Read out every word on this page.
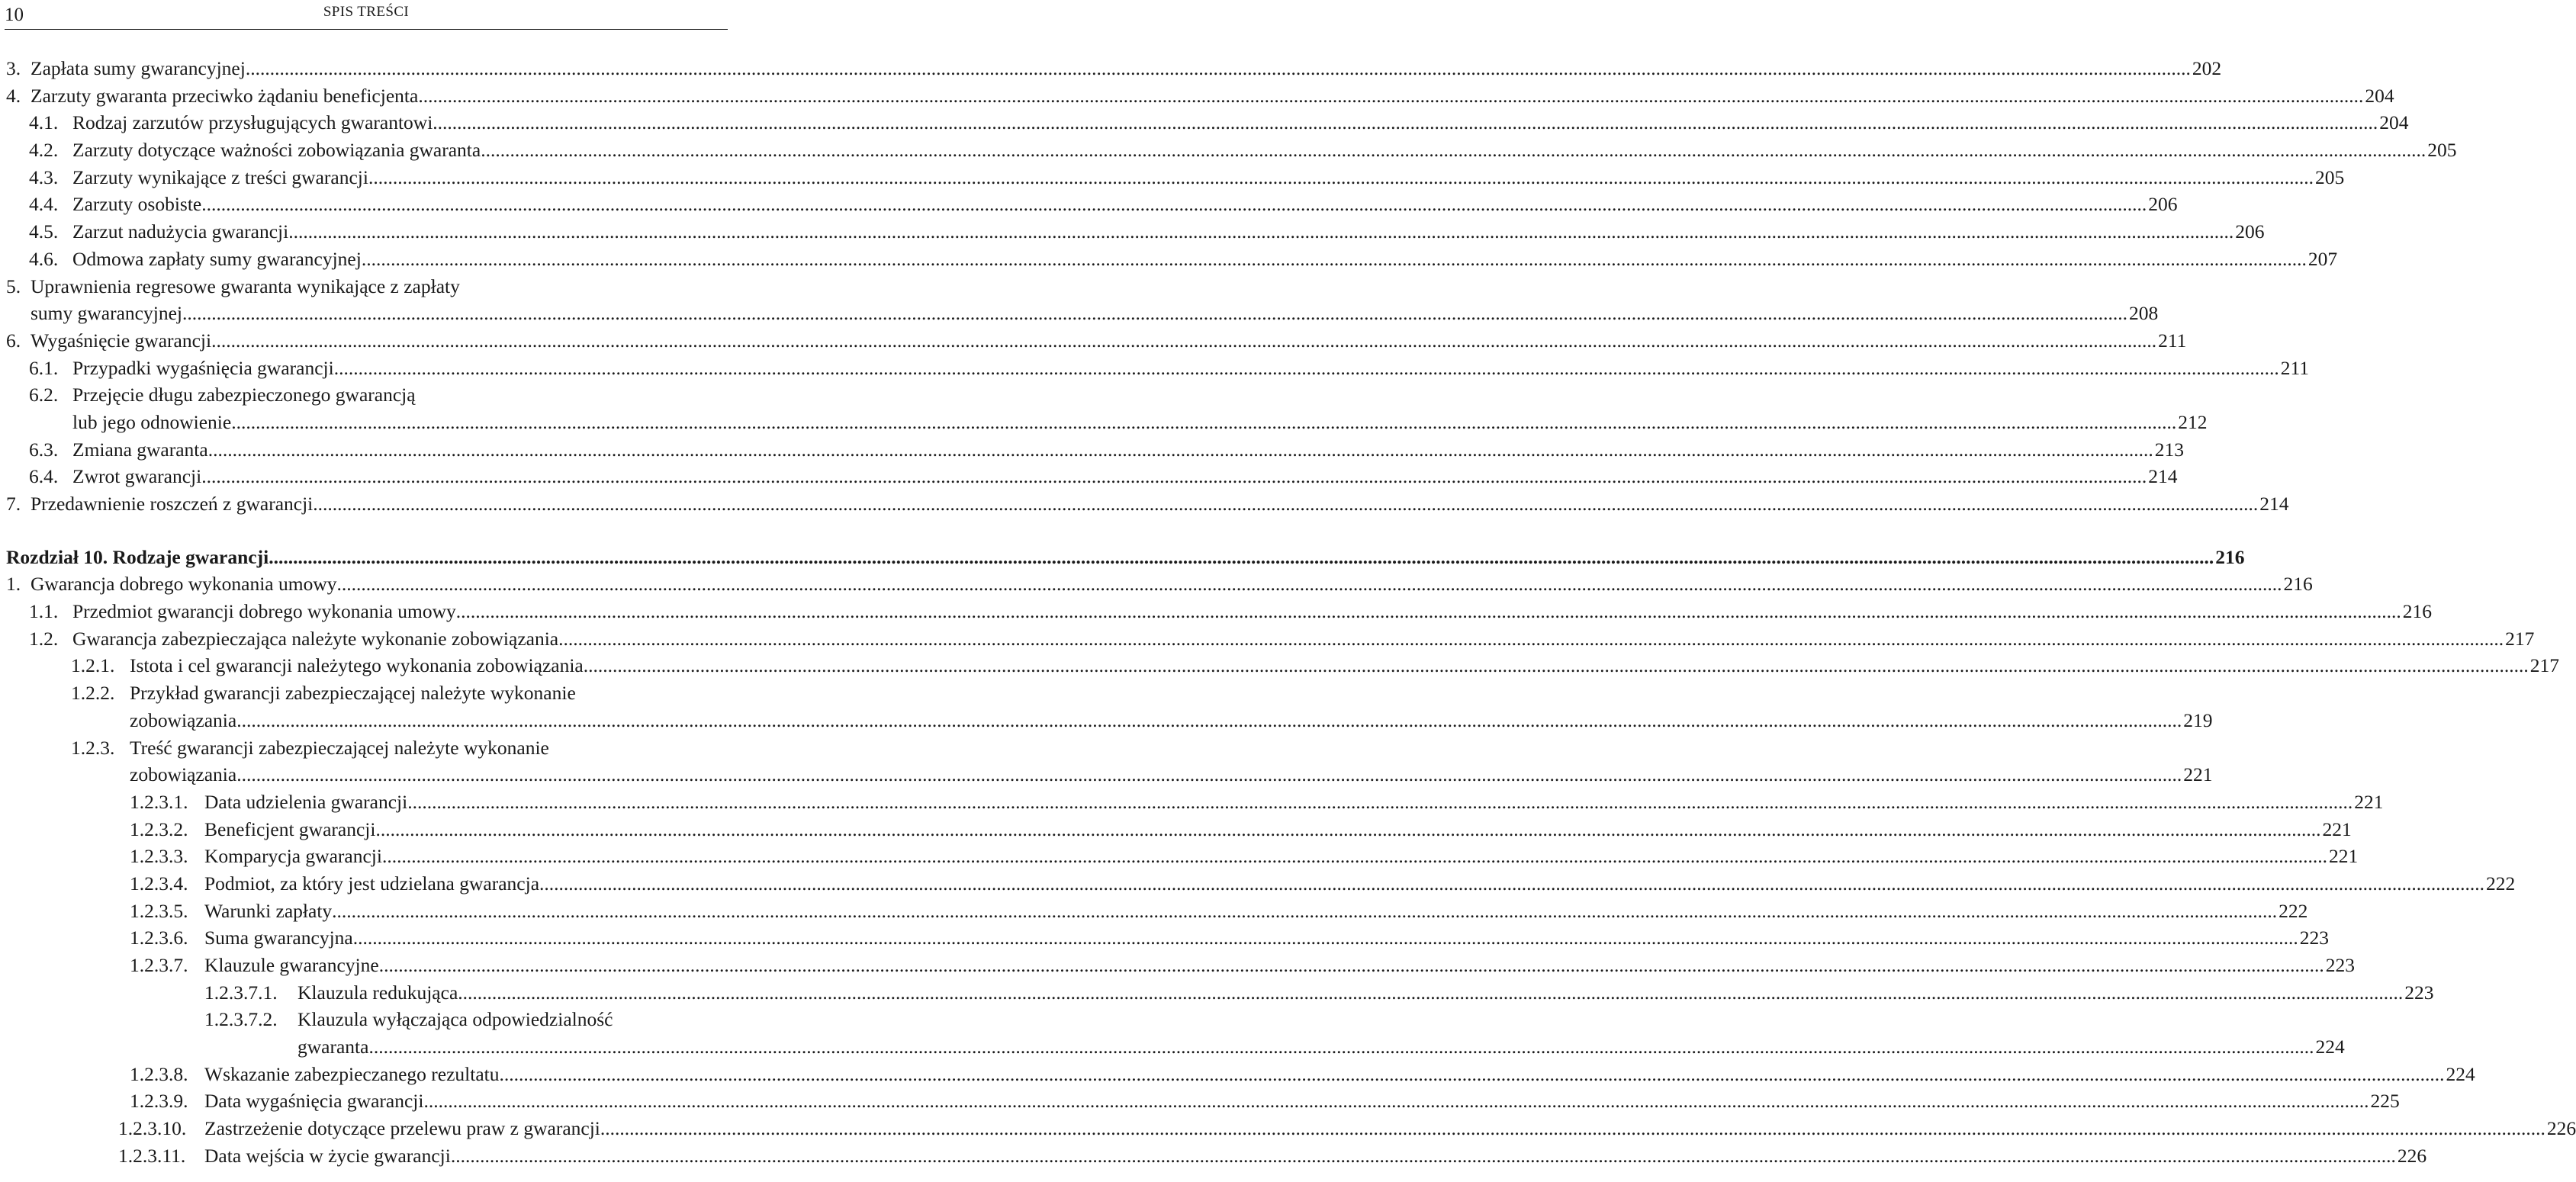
10	SPIS TREŚCI
3. Zapłata sumy gwarancyjnej ................................................................................................................................................................................................................................................................................................................................................................................................................ 202
4. Zarzuty gwaranta przeciwko żądaniu beneficjenta ................................................................................................................................................................................................................................................................................................................................................................................................................ 204
4.1. Rodzaj zarzutów przysługujących gwarantowi ................................................................................................................................................................................................................................................................................................................................................................................................................ 204
4.2. Zarzuty dotyczące ważności zobowiązania gwaranta ................................................................................................................................................................................................................................................................................................................................................................................................................ 205
4.3. Zarzuty wynikające z treści gwarancji ................................................................................................................................................................................................................................................................................................................................................................................................................ 205
4.4. Zarzuty osobiste ................................................................................................................................................................................................................................................................................................................................................................................................................ 206
4.5. Zarzut nadużycia gwarancji ................................................................................................................................................................................................................................................................................................................................................................................................................ 206
4.6. Odmowa zapłaty sumy gwarancyjnej ................................................................................................................................................................................................................................................................................................................................................................................................................ 207
5. Uprawnienia regresowe gwaranta wynikające z zapłaty
sumy gwarancyjnej ................................................................................................................................................................................................................................................................................................................................................................................................................ 208
6. Wygaśnięcie gwarancji ................................................................................................................................................................................................................................................................................................................................................................................................................ 211
6.1. Przypadki wygaśnięcia gwarancji ................................................................................................................................................................................................................................................................................................................................................................................................................ 211
6.2. Przejęcie długu zabezpieczonego gwarancją
lub jego odnowienie ................................................................................................................................................................................................................................................................................................................................................................................................................ 212
6.3. Zmiana gwaranta ................................................................................................................................................................................................................................................................................................................................................................................................................ 213
6.4. Zwrot gwarancji ................................................................................................................................................................................................................................................................................................................................................................................................................ 214
7. Przedawnienie roszczeń z gwarancji ................................................................................................................................................................................................................................................................................................................................................................................................................ 214
Rozdział 10. Rodzaje gwarancji ................................................................................................................................................................................................................................................................................................................................................................................................................ 216
1. Gwarancja dobrego wykonania umowy ................................................................................................................................................................................................................................................................................................................................................................................................................ 216
1.1. Przedmiot gwarancji dobrego wykonania umowy ................................................................................................................................................................................................................................................................................................................................................................................................................ 216
1.2. Gwarancja zabezpieczająca należyte wykonanie zobowiązania ................................................................................................................................................................................................................................................................................................................................................................................................................ 217
1.2.1. Istota i cel gwarancji należytego wykonania zobowiązania ................................................................................................................................................................................................................................................................................................................................................................................................................ 217
1.2.2. Przykład gwarancji zabezpieczającej należyte wykonanie
zobowiązania ................................................................................................................................................................................................................................................................................................................................................................................................................ 219
1.2.3. Treść gwarancji zabezpieczającej należyte wykonanie
zobowiązania ................................................................................................................................................................................................................................................................................................................................................................................................................ 221
1.2.3.1. Data udzielenia gwarancji ................................................................................................................................................................................................................................................................................................................................................................................................................ 221
1.2.3.2. Beneficjent gwarancji ................................................................................................................................................................................................................................................................................................................................................................................................................ 221
1.2.3.3. Komparycja gwarancji ................................................................................................................................................................................................................................................................................................................................................................................................................ 221
1.2.3.4. Podmiot, za który jest udzielana gwarancja ................................................................................................................................................................................................................................................................................................................................................................................................................ 222
1.2.3.5. Warunki zapłaty ................................................................................................................................................................................................................................................................................................................................................................................................................ 222
1.2.3.6. Suma gwarancyjna ................................................................................................................................................................................................................................................................................................................................................................................................................ 223
1.2.3.7. Klauzule gwarancyjne ................................................................................................................................................................................................................................................................................................................................................................................................................ 223
1.2.3.7.1. Klauzula redukująca ................................................................................................................................................................................................................................................................................................................................................................................................................ 223
1.2.3.7.2. Klauzula wyłączająca odpowiedzialność
gwaranta ................................................................................................................................................................................................................................................................................................................................................................................................................ 224
1.2.3.8. Wskazanie zabezpieczanego rezultatu ................................................................................................................................................................................................................................................................................................................................................................................................................ 224
1.2.3.9. Data wygaśnięcia gwarancji ................................................................................................................................................................................................................................................................................................................................................................................................................ 225
1.2.3.10. Zastrzeżenie dotyczące przelewu praw z gwarancji ................................................................................................................................................................................................................................................................................................................................................................................................................ 226
1.2.3.11. Data wejścia w życie gwarancji ................................................................................................................................................................................................................................................................................................................................................................................................................ 226
